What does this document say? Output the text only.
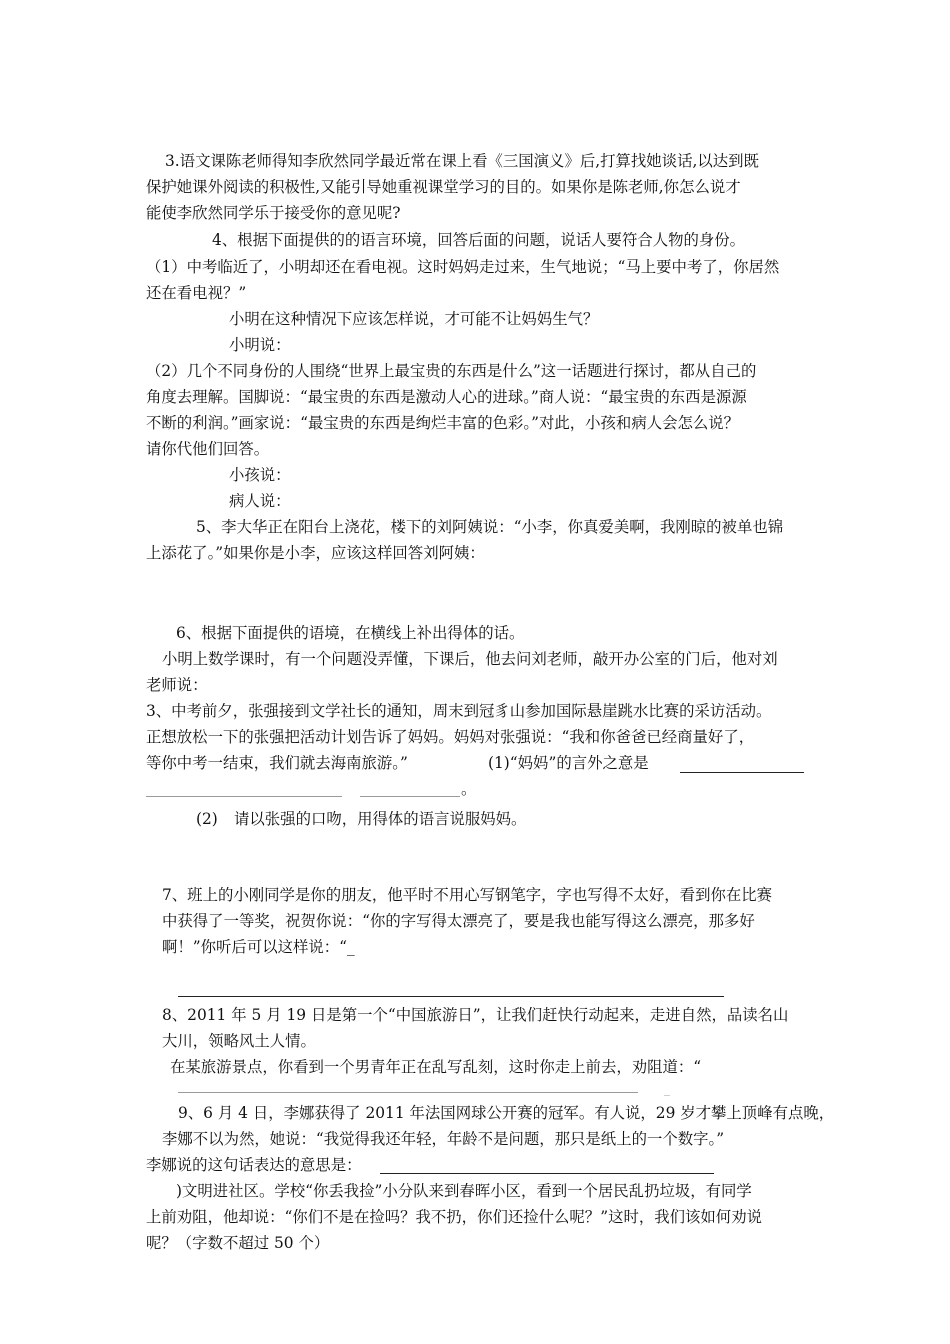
3.语文课陈老师得知李欣然同学最近常在课上看《三国演义》后,打算找她谈话,以达到既
保护她课外阅读的积极性,又能引导她重视课堂学习的目的。如果你是陈老师,你怎么说才
能使李欣然同学乐于接受你的意见呢?
4、根据下面提供的的语言环境，回答后面的问题，说话人要符合人物的身份。
（1）中考临近了，小明却还在看电视。这时妈妈走过来，生气地说；“马上要中考了，你居然
还在看电视？”
小明在这种情况下应该怎样说，才可能不让妈妈生气？
小明说：
（2）几个不同身份的人围绕“世界上最宝贵的东西是什么”这一话题进行探讨，都从自己的
角度去理解。国脚说：“最宝贵的东西是激动人心的进球。”商人说：“最宝贵的东西是源源
不断的利润。”画家说：“最宝贵的东西是绚烂丰富的色彩。”对此，小孩和病人会怎么说？
请你代他们回答。
小孩说：
病人说：
5、李大华正在阳台上浇花，楼下的刘阿姨说：“小李，你真爱美啊，我刚晾的被单也锦
上添花了。”如果你是小李，应该这样回答刘阿姨：
6、根据下面提供的语境，在横线上补出得体的话。
小明上数学课时，有一个问题没弄懂，下课后，他去问刘老师，敲开办公室的门后，他对刘
老师说：
3、中考前夕，张强接到文学社长的通知，周末到冠豸山参加国际悬崖跳水比赛的采访活动。
正想放松一下的张强把活动计划告诉了妈妈。妈妈对张强说：“我和你爸爸已经商量好了，
等你中考一结束，我们就去海南旅游。”	(1)“妈妈”的言外之意是
。
(2) 请以张强的口吻，用得体的语言说服妈妈。
7、班上的小刚同学是你的朋友，他平时不用心写钢笔字，字也写得不太好，看到你在比赛
中获得了一等奖，祝贺你说：“你的字写得太漂亮了，要是我也能写得这么漂亮，那多好
啊！”你听后可以这样说：“_
8、2011 年 5 月 19 日是第一个“中国旅游日”，让我们赶快行动起来，走进自然，品读名山
大川，领略风土人情。
在某旅游景点，你看到一个男青年正在乱写乱刻，这时你走上前去，劝阻道：“
_
9、6 月 4 日，李娜获得了 2011 年法国网球公开赛的冠军。有人说，29 岁才攀上顶峰有点晚，
李娜不以为然，她说：“我觉得我还年轻，年龄不是问题，那只是纸上的一个数字。”
李娜说的这句话表达的意思是：
)文明进社区。学校“你丢我捡”小分队来到春晖小区，看到一个居民乱扔垃圾，有同学
上前劝阻，他却说：“你们不是在捡吗？我不扔，你们还捡什么呢？”这时，我们该如何劝说
呢？（字数不超过 50 个）
